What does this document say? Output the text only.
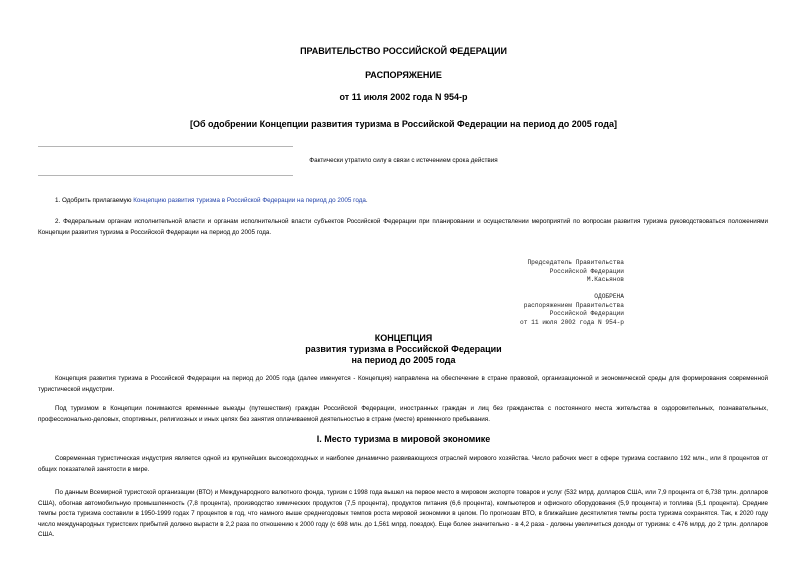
ПРАВИТЕЛЬСТВО РОССИЙСКОЙ ФЕДЕРАЦИИ
РАСПОРЯЖЕНИЕ
от 11 июля 2002 года N 954-р
[Об одобрении Концепции развития туризма в Российской Федерации на период до 2005 года]
Фактически утратило силу в связи с истечением срока действия
1. Одобрить прилагаемую Концепцию развития туризма в Российской Федерации на период до 2005 года.
2. Федеральным органам исполнительной власти и органам исполнительной власти субъектов Российской Федерации при планировании и осуществлении мероприятий по вопросам развития туризма руководствоваться положениями Концепции развития туризма в Российской Федерации на период до 2005 года.
Председатель Правительства
Российской Федерации
М.Касьянов
ОДОБРЕНА
распоряжением Правительства
Российской Федерации
от 11 июля 2002 года N 954-р
КОНЦЕПЦИЯ
развития туризма в Российской Федерации
на период до 2005 года
Концепция развития туризма в Российской Федерации на период до 2005 года (далее именуется - Концепция) направлена на обеспечение в стране правовой, организационной и экономической среды для формирования современной туристической индустрии.
Под туризмом в Концепции понимаются временные выезды (путешествия) граждан Российской Федерации, иностранных граждан и лиц без гражданства с постоянного места жительства в оздоровительных, познавательных, профессионально-деловых, спортивных, религиозных и иных целях без занятия оплачиваемой деятельностью в стране (месте) временного пребывания.
I. Место туризма в мировой экономике
Современная туристическая индустрия является одной из крупнейших высокодоходных и наиболее динамично развивающихся отраслей мирового хозяйства. Число рабочих мест в сфере туризма составило 192 млн., или 8 процентов от общих показателей занятости в мире.
По данным Всемирной туристской организации (ВТО) и Международного валютного фонда, туризм с 1998 года вышел на первое место в мировом экспорте товаров и услуг (532 млрд. долларов США, или 7,9 процента от 6,738 трлн. долларов США), обогнав автомобильную промышленность (7,8 процента), производство химических продуктов (7,5 процента), продуктов питания (6,6 процента), компьютеров и офисного оборудования (5,9 процента) и топлива (5,1 процента). Средние темпы роста туризма составили в 1950-1999 годах 7 процентов в год, что намного выше среднегодовых темпов роста мировой экономики в целом. По прогнозам ВТО, в ближайшие десятилетия темпы роста туризма сохранятся. Так, к 2020 году число международных туристских прибытий должно вырасти в 2,2 раза по отношению к 2000 году (с 698 млн. до 1,561 млрд. поездок). Еще более значительно - в 4,2 раза - должны увеличиться доходы от туризма: с 476 млрд. до 2 трлн. долларов США.
